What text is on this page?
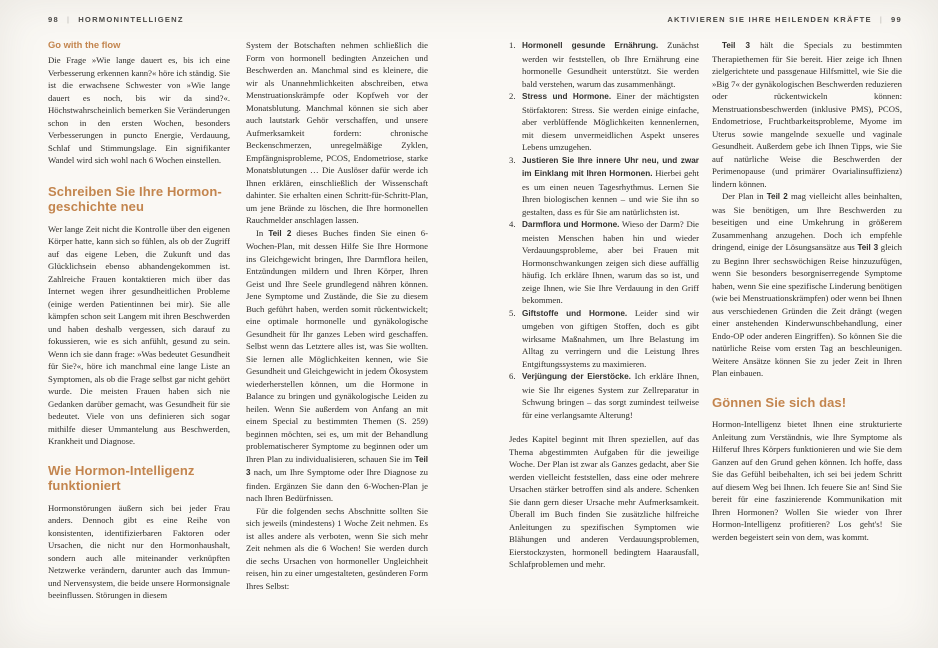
98 | HORMONINTELLIGENZ
Go with the flow

Die Frage »Wie lange dauert es, bis ich eine Verbesserung erkennen kann?« höre ich ständig. Sie ist die erwachsene Schwester von »Wie lange dauert es noch, bis wir da sind?«. Höchstwahrscheinlich bemerken Sie Veränderungen schon in den ersten Wochen, besonders Verbesserungen in puncto Energie, Verdauung, Schlaf und Stimmungslage. Ein signifikanter Wandel wird sich wohl nach 6 Wochen einstellen.

Schreiben Sie Ihre Hormon-geschichte neu

Wer lange Zeit nicht die Kontrolle über den eigenen Körper hatte, kann sich so fühlen, als ob der Zugriff auf das eigene Leben, die Zukunft und das Glücklichsein ebenso abhandengekommen ist. Zahlreiche Frauen kontaktieren mich über das Internet wegen ihrer gesundheitlichen Probleme (einige werden Patientinnen bei mir). Sie alle kämpfen schon seit Langem mit ihren Beschwerden und haben deshalb vergessen, sich darauf zu fokussieren, wie es sich anfühlt, gesund zu sein. Wenn ich sie dann frage: »Was bedeutet Gesundheit für Sie?«, höre ich manchmal eine lange Liste an Symptomen, als ob die Frage selbst gar nicht gehört wurde. Die meisten Frauen haben sich nie Gedanken darüber gemacht, was Gesundheit für sie bedeutet. Viele von uns definieren sich sogar mithilfe dieser Ummantelung aus Beschwerden, Krankheit und Diagnose.

Wie Hormon-Intelligenz funktioniert

Hormonstörungen äußern sich bei jeder Frau anders. Dennoch gibt es eine Reihe von konsistenten, identifizierbaren Faktoren oder Ursachen, die nicht nur den Hormonhaushalt, sondern auch alle miteinander verknüpften Netzwerke verändern, darunter auch das Immun- und Nervensystem, die beide unsere Hormonsignale beeinflussen. Störungen in diesem

System der Botschaften nehmen schließlich die Form von hormonell bedingten Anzeichen und Beschwerden an. Manchmal sind es kleinere, die wir als Unannehmlichkeiten abschreiben, etwa Menstruationskrämpfe oder Kopfweh vor der Monatsblutung. Manchmal können sie sich aber auch lautstark Gehör verschaffen, und unsere Aufmerksamkeit fordern: chronische Beckenschmerzen, unregelmäßige Zyklen, Empfängnisprobleme, PCOS, Endometriose, starke Monatsblutungen … Die Auslöser dafür werde ich Ihnen erklären, einschließlich der Wissenschaft dahinter. Sie erhalten einen Schritt-für-Schritt-Plan, um jene Brände zu löschen, die Ihre hormonellen Rauchmelder anschlagen lassen.

In Teil 2 dieses Buches finden Sie einen 6-Wochen-Plan, mit dessen Hilfe Sie Ihre Hormone ins Gleichgewicht bringen, Ihre Darmflora heilen, Entzündungen mildern und Ihren Körper, Ihren Geist und Ihre Seele grundlegend nähren können. Jene Symptome und Zustände, die Sie zu diesem Buch geführt haben, werden somit rückentwickelt; eine optimale hormonelle und gynäkologische Gesundheit für Ihr ganzes Leben wird geschaffen. Selbst wenn das Letztere alles ist, was Sie wollten. Sie lernen alle Möglichkeiten kennen, wie Sie Gesundheit und Gleichgewicht in jedem Ökosystem wiederherstellen können, um die Hormone in Balance zu bringen und gynäkologische Leiden zu heilen. Wenn Sie außerdem von Anfang an mit einem Special zu bestimmten Themen (S. 259) beginnen möchten, sei es, um mit der Behandlung problematischerer Symptome zu beginnen oder um Ihren Plan zu individualisieren, schauen Sie im Teil 3 nach, um Ihre Symptome oder Ihre Diagnose zu finden. Ergänzen Sie dann den 6-Wochen-Plan je nach Ihren Bedürfnissen.

Für die folgenden sechs Abschnitte sollten Sie sich jeweils (mindestens) 1 Woche Zeit nehmen. Es ist alles andere als verboten, wenn Sie sich mehr Zeit nehmen als die 6 Wochen! Sie werden durch die sechs Ursachen von hormoneller Ungleichheit reisen, hin zu einer umgestalteten, gesünderen Form Ihres Selbst:

AKTIVIEREN SIE IHRE HEILENDEN KRÄFTE | 99
1. Hormonell gesunde Ernährung. Zunächst werden wir feststellen, ob Ihre Ernährung eine hormonelle Gesundheit unterstützt. Sie werden bald verstehen, warum das zusammenhängt.
2. Stress und Hormone. Einer der mächtigsten Störfaktoren: Stress. Sie werden einige einfache, aber verblüffende Möglichkeiten kennenlernen, mit diesem unvermeidlichen Aspekt unseres Lebens umzugehen.
3. Justieren Sie Ihre innere Uhr neu, und zwar im Einklang mit Ihren Hormonen. Hierbei geht es um einen neuen Tagesrhythmus. Lernen Sie Ihren biologischen kennen – und wie Sie ihn so gestalten, dass es für Sie am natürlichsten ist.
4. Darmflora und Hormone. Wieso der Darm? Die meisten Menschen haben hin und wieder Verdauungsprobleme, aber bei Frauen mit Hormonschwankungen zeigen sich diese auffällig häufig. Ich erkläre Ihnen, warum das so ist, und zeige Ihnen, wie Sie Ihre Verdauung in den Griff bekommen.
5. Giftstoffe und Hormone. Leider sind wir umgeben von giftigen Stoffen, doch es gibt wirksame Maßnahmen, um Ihre Belastung im Alltag zu verringern und die Leistung Ihres Entgiftungssystems zu maximieren.
6. Verjüngung der Eierstöcke. Ich erkläre Ihnen, wie Sie Ihr eigenes System zur Zellreparatur in Schwung bringen – das sorgt zumindest teilweise für eine verlangsamte Alterung!

Jedes Kapitel beginnt mit Ihren speziellen, auf das Thema abgestimmten Aufgaben für die jeweilige Woche. Der Plan ist zwar als Ganzes gedacht, aber Sie werden vielleicht feststellen, dass eine oder mehrere Ursachen stärker betroffen sind als andere. Schenken Sie dann gern dieser Ursache mehr Aufmerksamkeit. Überall im Buch finden Sie zusätzliche hilfreiche Anleitungen zu spezifischen Symptomen wie Blähungen und anderen Verdauungsproblemen, Eierstockzysten, hormonell bedingtem Haarausfall, Schlafproblemen und mehr.

Teil 3 hält die Specials zu bestimmten Therapiethemen für Sie bereit. Hier zeige ich Ihnen zielgerichtete und passgenaue Hilfsmittel, wie Sie die »Big 7« der gynäkologischen Beschwerden reduzieren oder rückentwickeln können: Menstruationsbeschwerden (inklusive PMS), PCOS, Endometriose, Fruchtbarkeitsprobleme, Myome im Uterus sowie mangelnde sexuelle und vaginale Gesundheit. Außerdem gebe ich Ihnen Tipps, wie Sie auf natürliche Weise die Beschwerden der Perimenopause (und primärer Ovarialinsuffizienz) lindern können.

Der Plan in Teil 2 mag vielleicht alles beinhalten, was Sie benötigen, um Ihre Beschwerden zu beseitigen und eine Umkehrung in größerem Zusammenhang anzugehen. Doch ich empfehle dringend, einige der Lösungsansätze aus Teil 3 gleich zu Beginn Ihrer sechswöchigen Reise hinzuzufügen, wenn Sie besonders besorgniserregende Symptome haben, wenn Sie eine spezifische Linderung benötigen (wie bei Menstruationskrämpfen) oder wenn bei Ihnen aus verschiedenen Gründen die Zeit drängt (wegen einer anstehenden Kinderwunschbehandlung, einer Endo-OP oder anderen Eingriffen). So können Sie die natürliche Reise vom ersten Tag an beschleunigen. Weitere Ansätze können Sie zu jeder Zeit in Ihren Plan einbauen.

Gönnen Sie sich das!

Hormon-Intelligenz bietet Ihnen eine strukturierte Anleitung zum Verständnis, wie Ihre Symptome als Hilferuf Ihres Körpers funktionieren und wie Sie dem Ganzen auf den Grund gehen können. Ich hoffe, dass Sie das Gefühl beibehalten, ich sei bei jedem Schritt auf diesem Weg bei Ihnen. Ich feuere Sie an! Sind Sie bereit für eine faszinierende Kommunikation mit Ihren Hormonen? Wollen Sie wieder von Ihrer Hormon-Intelligenz profitieren? Los geht's! Sie werden begeistert sein von dem, was kommt.
